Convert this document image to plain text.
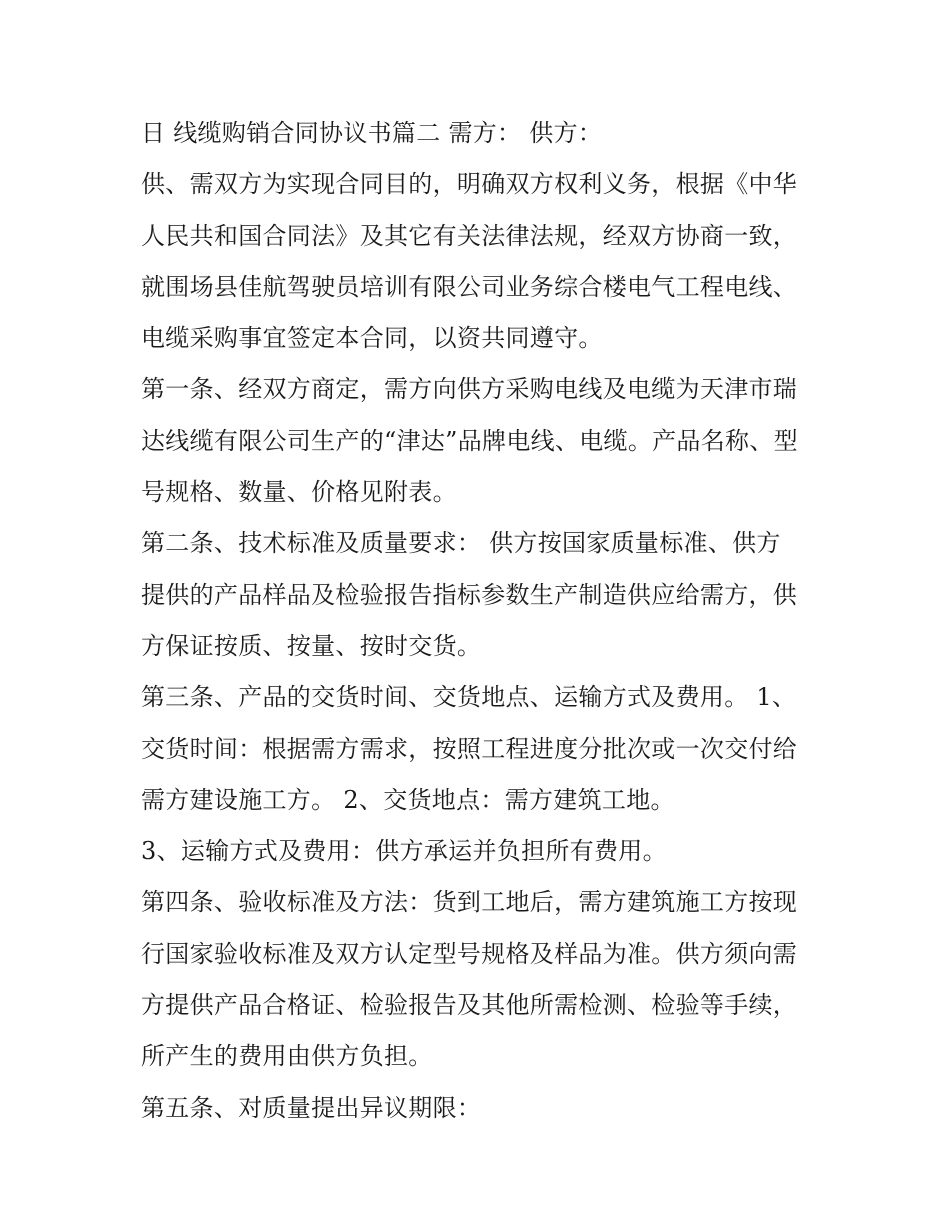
日 线缆购销合同协议书篇二 需方： 供方：
供、需双方为实现合同目的，明确双方权利义务，根据《中华
人民共和国合同法》及其它有关法律法规，经双方协商一致，
就围场县佳航驾驶员培训有限公司业务综合楼电气工程电线、
电缆采购事宜签定本合同，以资共同遵守。
第一条、经双方商定，需方向供方采购电线及电缆为天津市瑞
达线缆有限公司生产的“津达”品牌电线、电缆。产品名称、型
号规格、数量、价格见附表。
第二条、技术标准及质量要求： 供方按国家质量标准、供方
提供的产品样品及检验报告指标参数生产制造供应给需方，供
方保证按质、按量、按时交货。
第三条、产品的交货时间、交货地点、运输方式及费用。 1、
交货时间：根据需方需求，按照工程进度分批次或一次交付给
需方建设施工方。 2、交货地点：需方建筑工地。
3、运输方式及费用：供方承运并负担所有费用。
第四条、验收标准及方法：货到工地后，需方建筑施工方按现
行国家验收标准及双方认定型号规格及样品为准。供方须向需
方提供产品合格证、检验报告及其他所需检测、检验等手续，
所产生的费用由供方负担。
第五条、对质量提出异议期限：
